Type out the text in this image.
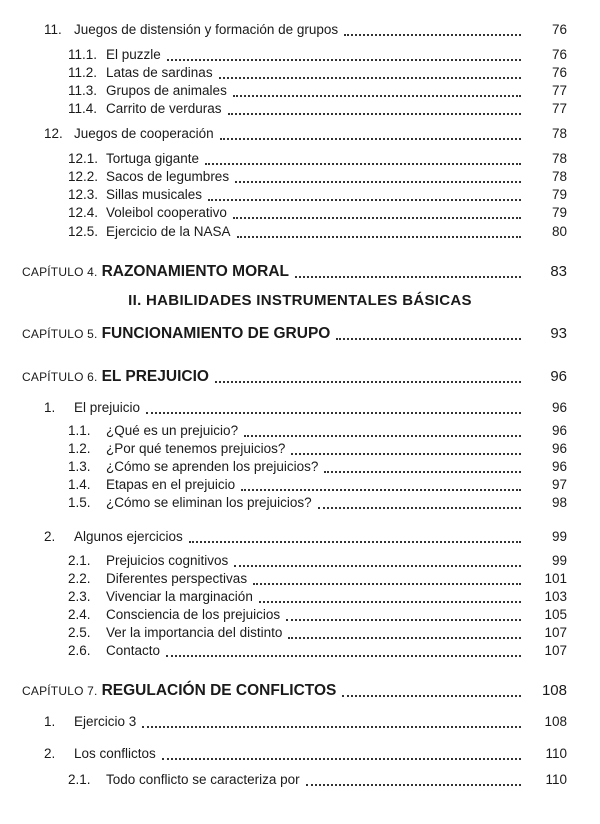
11. Juegos de distensión y formación de grupos	76
11.1. El puzzle	76
11.2. Latas de sardinas	76
11.3. Grupos de animales	77
11.4. Carrito de verduras	77
12. Juegos de cooperación	78
12.1. Tortuga gigante	78
12.2. Sacos de legumbres	78
12.3. Sillas musicales	79
12.4. Voleibol cooperativo	79
12.5. Ejercicio de la NASA	80
CAPÍTULO 4. RAZONAMIENTO MORAL	83
II. HABILIDADES INSTRUMENTALES BÁSICAS
CAPÍTULO 5. FUNCIONAMIENTO DE GRUPO	93
CAPÍTULO 6. EL PREJUICIO	96
1.	El prejuicio	96
1.1.	¿Qué es un prejuicio?	96
1.2.	¿Por qué tenemos prejuicios?	96
1.3.	¿Cómo se aprenden los prejuicios?	96
1.4.	Etapas en el prejuicio	97
1.5.	¿Cómo se eliminan los prejuicios?	98
2.	Algunos ejercicios	99
2.1.	Prejuicios cognitivos	99
2.2.	Diferentes perspectivas	101
2.3.	Vivenciar la marginación	103
2.4.	Consciencia de los prejuicios	105
2.5.	Ver la importancia del distinto	107
2.6.	Contacto	107
CAPÍTULO 7. REGULACIÓN DE CONFLICTOS	108
1.	Ejercicio 3	108
2.	Los conflictos	110
2.1.	Todo conflicto se caracteriza por	110
